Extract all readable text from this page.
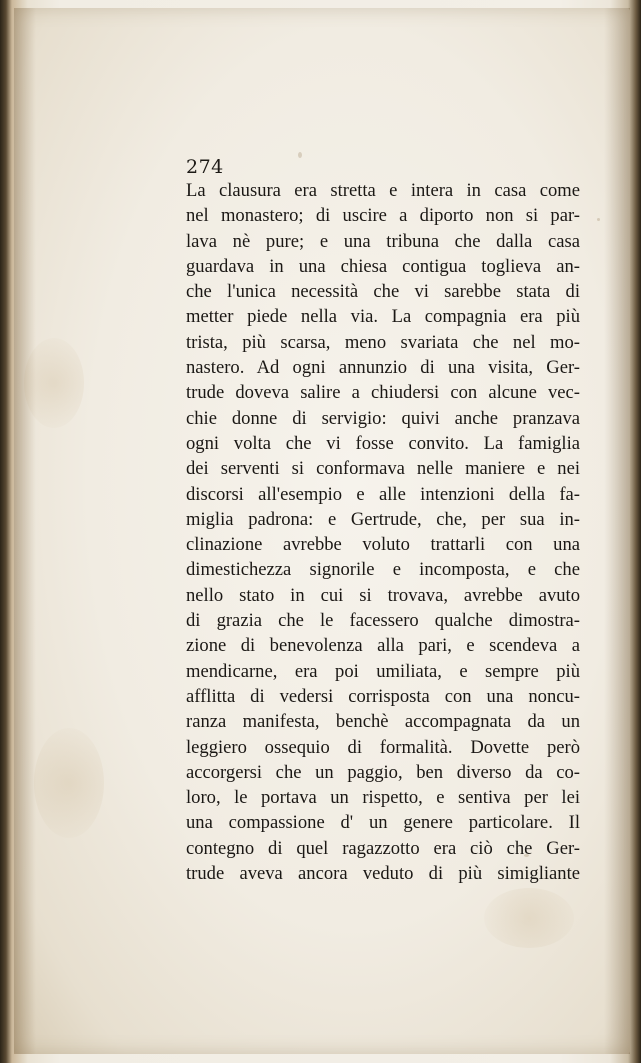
274
La clausura era stretta e intera in casa come
nel monastero; di uscire a diporto non si par-
lava nè pure; e una tribuna che dalla casa
guardava in una chiesa contigua toglieva an-
che l'unica necessità che vi sarebbe stata di
metter piede nella via. La compagnia era più
trista, più scarsa, meno svariata che nel mo-
nastero. Ad ogni annunzio di una visita, Ger-
trude doveva salire a chiudersi con alcune vec-
chie donne di servigio: quivi anche pranzava
ogni volta che vi fosse convito. La famiglia
dei serventi si conformava nelle maniere e nei
discorsi all'esempio e alle intenzioni della fa-
miglia padrona: e Gertrude, che, per sua in-
clinazione avrebbe voluto trattarli con una
dimestichezza signorile e incomposta, e che
nello stato in cui si trovava, avrebbe avuto
di grazia che le facessero qualche dimostra-
zione di benevolenza alla pari, e scendeva a
mendicarne, era poi umiliata, e sempre più
afflitta di vedersi corrisposta con una noncu-
ranza manifesta, benchè accompagnata da un
leggiero ossequio di formalità. Dovette però
accorgersi che un paggio, ben diverso da co-
loro, le portava un rispetto, e sentiva per lei
una compassione d' un genere particolare. Il
contegno di quel ragazzotto era ciò che Ger-
trude aveva ancora veduto di più simigliante
